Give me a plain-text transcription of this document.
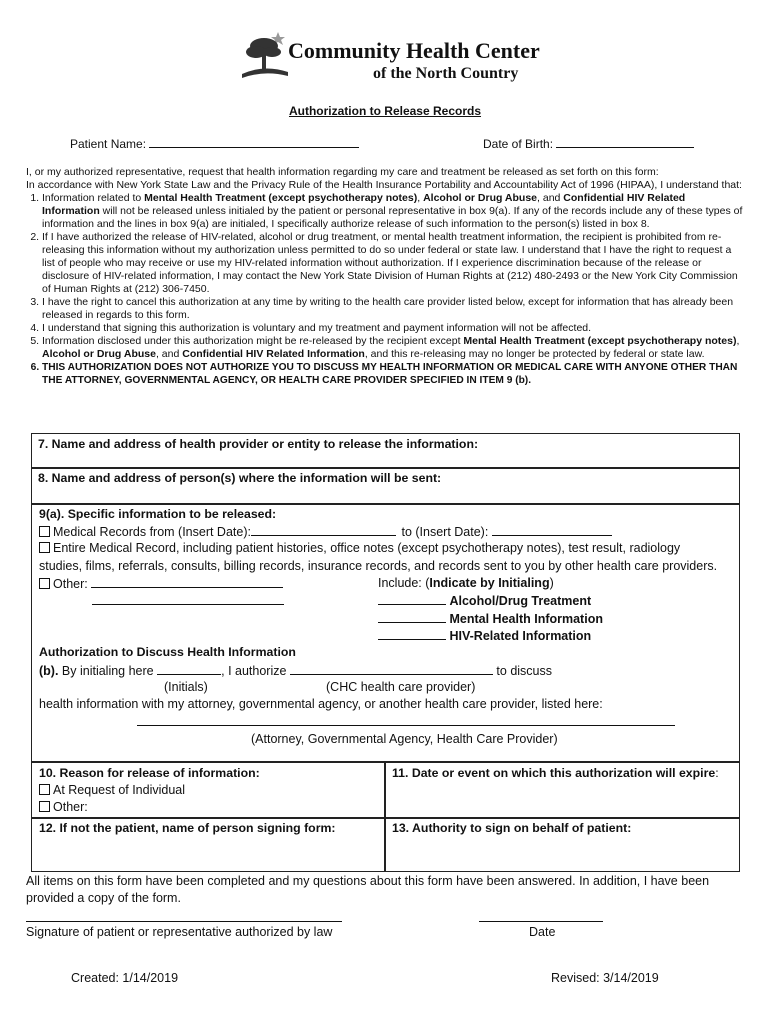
Community Health Center
of the North Country
Authorization to Release Records
Patient Name:	Date of Birth:

I, or my authorized representative, request that health information regarding my care and treatment be released as set forth on this form:

In accordance with New York State Law and the Privacy Rule of the Health Insurance Portability and Accountability Act of 1996 (HIPAA), I understand that:

1. Information related to Mental Health Treatment (except psychotherapy notes), Alcohol or Drug Abuse, and Confidential HIV Related Information will not be released unless initialed by the patient or personal representative in box 9(a). If any of the records include any of these types of information and the lines in box 9(a) are initialed, I specifically authorize release of such information to the person(s) listed in box 8.
2. If I have authorized the release of HIV-related, alcohol or drug treatment, or mental health treatment information, the recipient is prohibited from re-releasing this information without my authorization unless permitted to do so under federal or state law. I understand that I have the right to request a list of people who may receive or use my HIV-related information without authorization. If I experience discrimination because of the release or disclosure of HIV-related information, I may contact the New York State Division of Human Rights at (212) 480-2493 or the New York City Commission of Human Rights at (212) 306-7450.
3. I have the right to cancel this authorization at any time by writing to the health care provider listed below, except for information that has already been released in regards to this form.
4. I understand that signing this authorization is voluntary and my treatment and payment information will not be affected.
5. Information disclosed under this authorization might be re-released by the recipient except Mental Health Treatment (except psychotherapy notes), Alcohol or Drug Abuse, and Confidential HIV Related Information, and this re-releasing may no longer be protected by federal or state law.
6. THIS AUTHORIZATION DOES NOT AUTHORIZE YOU TO DISCUSS MY HEALTH INFORMATION OR MEDICAL CARE WITH ANYONE OTHER THAN THE ATTORNEY, GOVERNMENTAL AGENCY, OR HEALTH CARE PROVIDER SPECIFIED IN ITEM 9 (b).
7. Name and address of health provider or entity to release the information:
8. Name and address of person(s) where the information will be sent:
9(a). Specific information to be released:
Medical Records from (Insert Date):	to (Insert Date):
Entire Medical Record, including patient histories, office notes (except psychotherapy notes), test result, radiology
studies, films, referrals, consults, billing records, insurance records, and records sent to you by other health care providers.
Other:	Include: (Indicate by Initialing)
Alcohol/Drug Treatment
Mental Health Information
HIV-Related Information
Authorization to Discuss Health Information
(b). By initialing here	, I authorize	to discuss
(Initials)	(CHC health care provider)
health information with my attorney, governmental agency, or another health care provider, listed here:
(Attorney, Governmental Agency, Health Care Provider)
10. Reason for release of information:
At Request of Individual
Other:
11. Date or event on which this authorization will expire:
12. If not the patient, name of person signing form:	13. Authority to sign on behalf of patient:
All items on this form have been completed and my questions about this form have been answered. In addition, I have been provided a copy of the form.
Signature of patient or representative authorized by law	Date
Created: 1/14/2019	Revised: 3/14/2019
